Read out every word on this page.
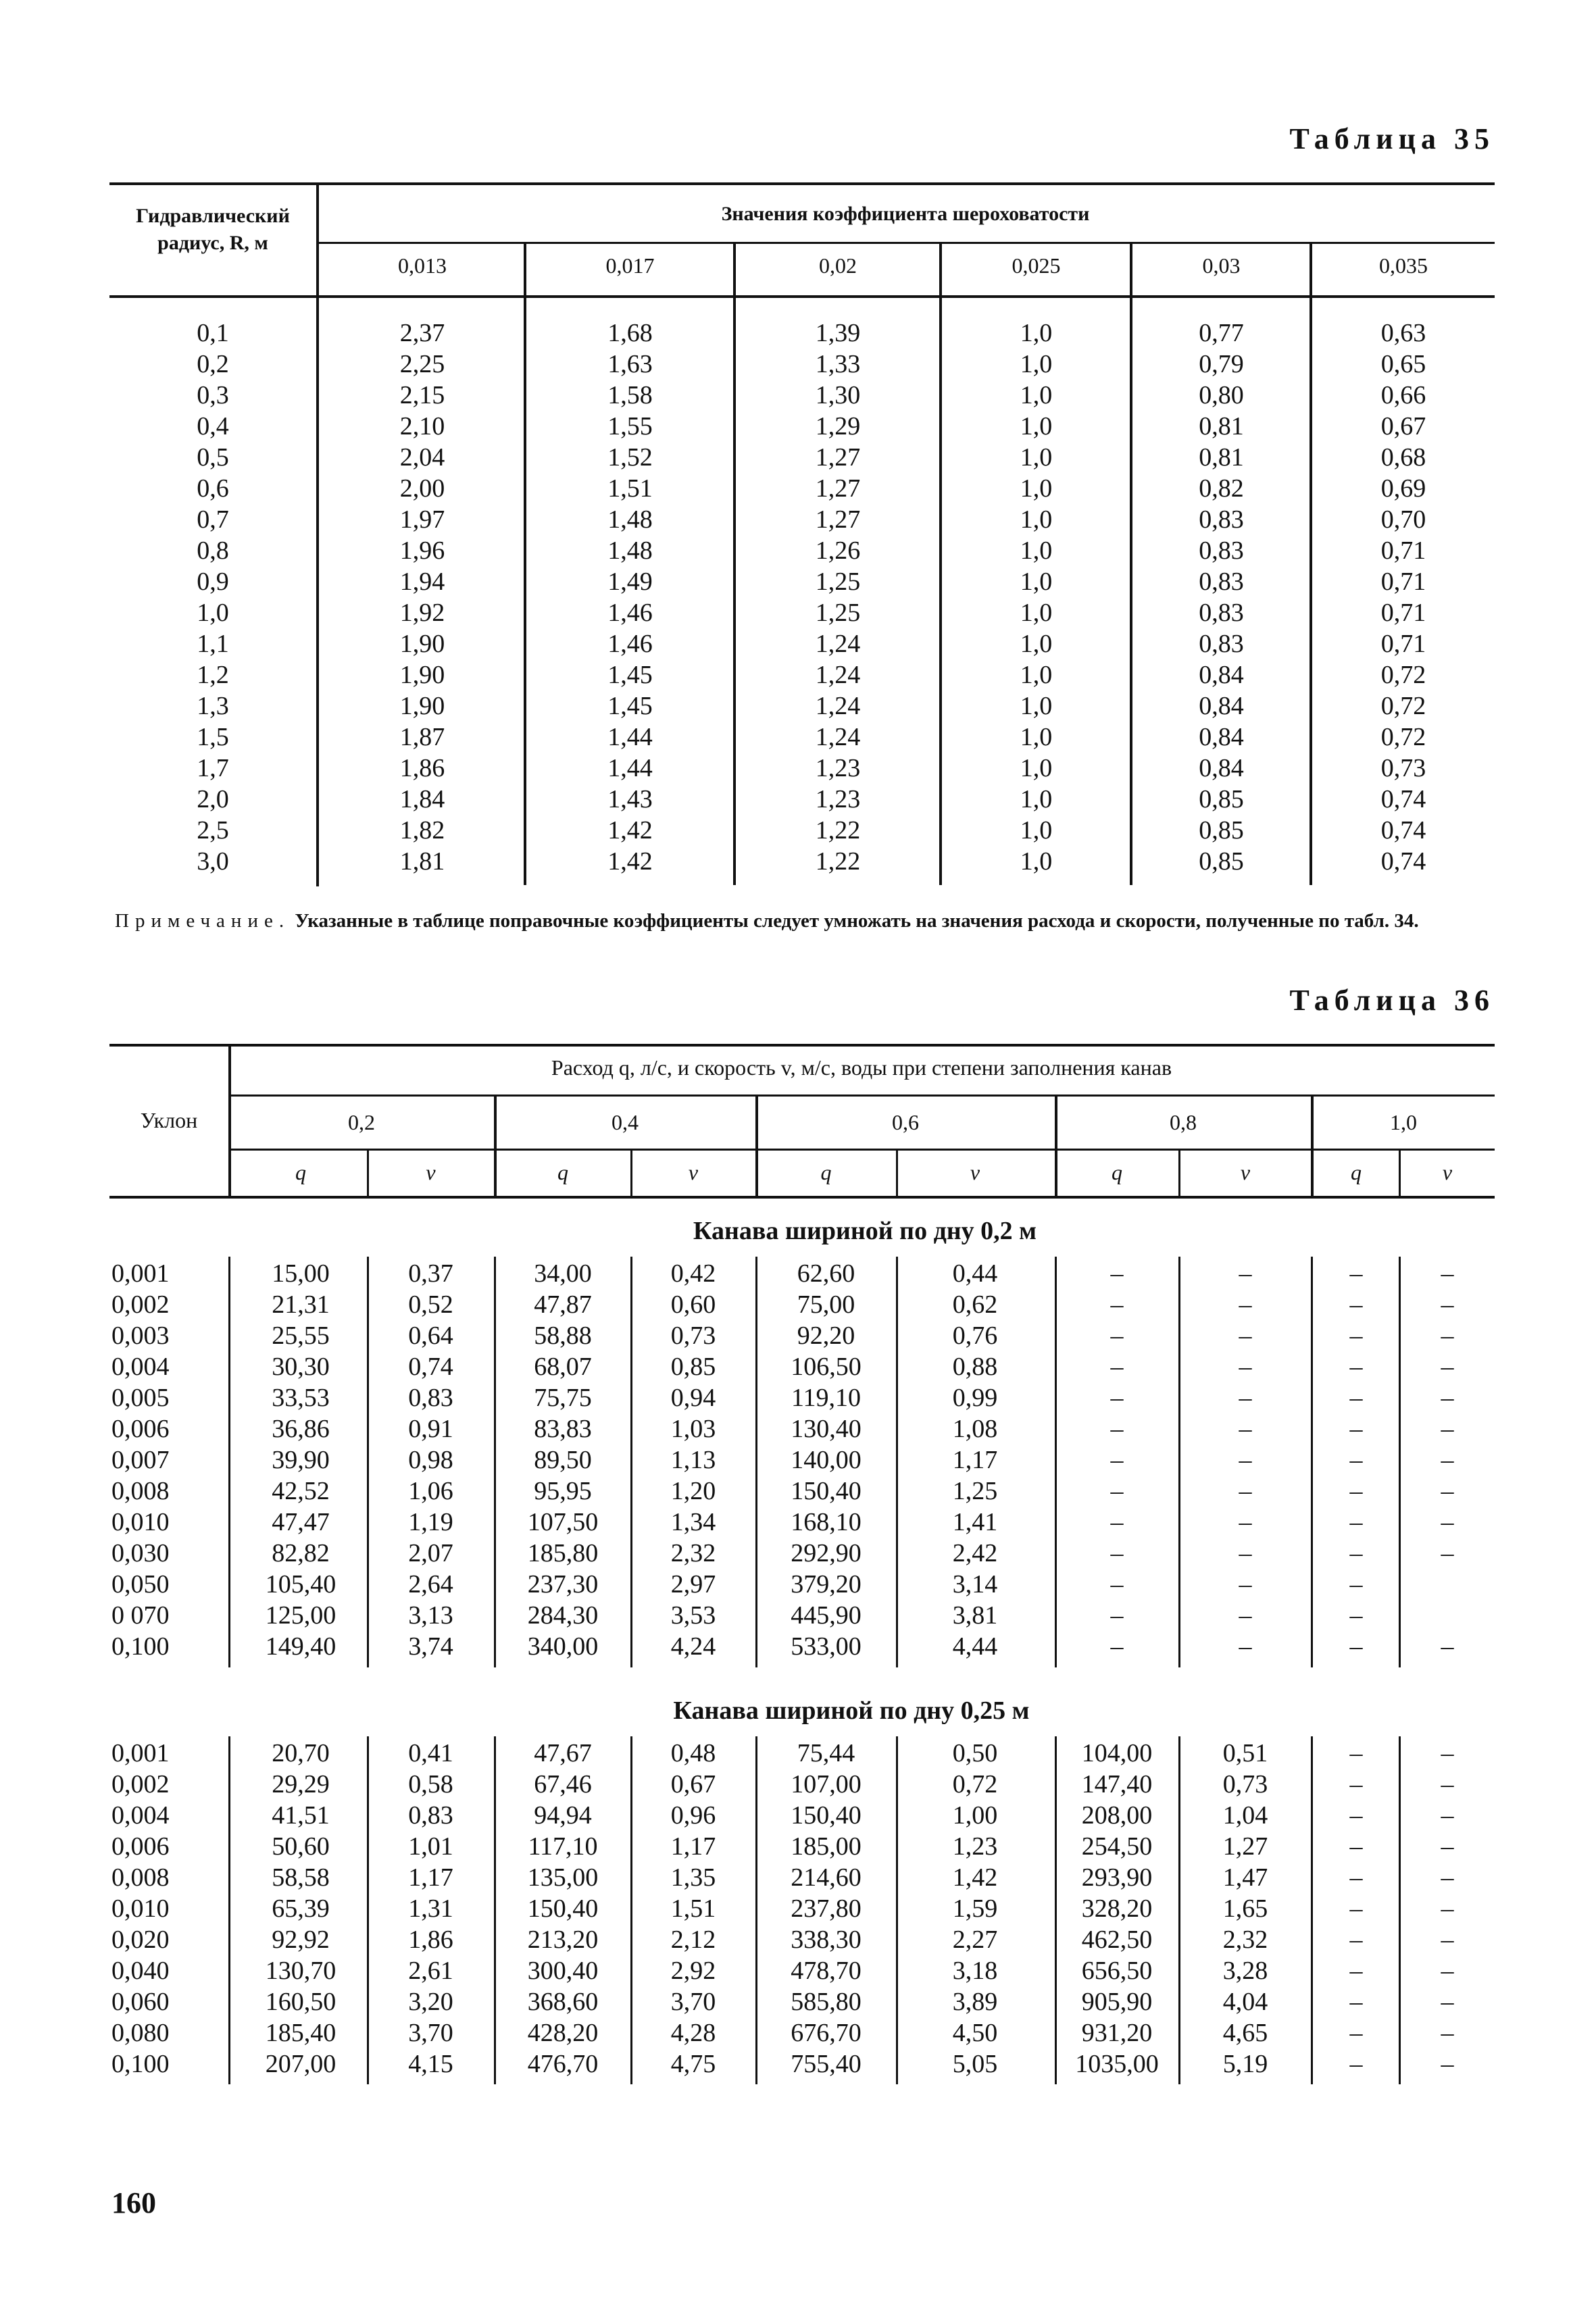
Таблица 35
Гидравлический радиус, R, м
Значения коэффициента шероховатости
0,013	0,017	0,02	0,025	0,03	0,035
0,1	2,37	1,68	1,39	1,0	0,77	0,63
0,2	2,25	1,63	1,33	1,0	0,79	0,65
0,3	2,15	1,58	1,30	1,0	0,80	0,66
0,4	2,10	1,55	1,29	1,0	0,81	0,67
0,5	2,04	1,52	1,27	1,0	0,81	0,68
0,6	2,00	1,51	1,27	1,0	0,82	0,69
0,7	1,97	1,48	1,27	1,0	0,83	0,70
0,8	1,96	1,48	1,26	1,0	0,83	0,71
0,9	1,94	1,49	1,25	1,0	0,83	0,71
1,0	1,92	1,46	1,25	1,0	0,83	0,71
1,1	1,90	1,46	1,24	1,0	0,83	0,71
1,2	1,90	1,45	1,24	1,0	0,84	0,72
1,3	1,90	1,45	1,24	1,0	0,84	0,72
1,5	1,87	1,44	1,24	1,0	0,84	0,72
1,7	1,86	1,44	1,23	1,0	0,84	0,73
2,0	1,84	1,43	1,23	1,0	0,85	0,74
2,5	1,82	1,42	1,22	1,0	0,85	0,74
3,0	1,81	1,42	1,22	1,0	0,85	0,74
Примечание. Указанные в таблице поправочные коэффициенты следует умножать на значения расхода и скорости, полученные по табл. 34.
Таблица 36
Уклон
Расход q, л/с, и скорость v, м/с, воды при степени заполнения канав
0,2	0,4	0,6	0,8	1,0
q	v	q	v	q	v	q	v	q	v
Канава шириной по дну 0,2 м
0,001	15,00	0,37	34,00	0,42	62,60	0,44	–	–	–	–
0,002	21,31	0,52	47,87	0,60	75,00	0,62	–	–	–	–
0,003	25,55	0,64	58,88	0,73	92,20	0,76	–	–	–	–
0,004	30,30	0,74	68,07	0,85	106,50	0,88	–	–	–	–
0,005	33,53	0,83	75,75	0,94	119,10	0,99	–	–	–	–
0,006	36,86	0,91	83,83	1,03	130,40	1,08	–	–	–	–
0,007	39,90	0,98	89,50	1,13	140,00	1,17	–	–	–	–
0,008	42,52	1,06	95,95	1,20	150,40	1,25	–	–	–	–
0,010	47,47	1,19	107,50	1,34	168,10	1,41	–	–	–	–
0,030	82,82	2,07	185,80	2,32	292,90	2,42	–	–	–	–
0,050	105,40	2,64	237,30	2,97	379,20	3,14	–	–	–
0 070	125,00	3,13	284,30	3,53	445,90	3,81	–	–	–
0,100	149,40	3,74	340,00	4,24	533,00	4,44	–	–	–	–
Канава шириной по дну 0,25 м
0,001	20,70	0,41	47,67	0,48	75,44	0,50	104,00	0,51	–	–
0,002	29,29	0,58	67,46	0,67	107,00	0,72	147,40	0,73	–	–
0,004	41,51	0,83	94,94	0,96	150,40	1,00	208,00	1,04	–	–
0,006	50,60	1,01	117,10	1,17	185,00	1,23	254,50	1,27	–	–
0,008	58,58	1,17	135,00	1,35	214,60	1,42	293,90	1,47	–	–
0,010	65,39	1,31	150,40	1,51	237,80	1,59	328,20	1,65	–	–
0,020	92,92	1,86	213,20	2,12	338,30	2,27	462,50	2,32	–	–
0,040	130,70	2,61	300,40	2,92	478,70	3,18	656,50	3,28	–	–
0,060	160,50	3,20	368,60	3,70	585,80	3,89	905,90	4,04	–	–
0,080	185,40	3,70	428,20	4,28	676,70	4,50	931,20	4,65	–	–
0,100	207,00	4,15	476,70	4,75	755,40	5,05	1035,00	5,19	–	–
160
